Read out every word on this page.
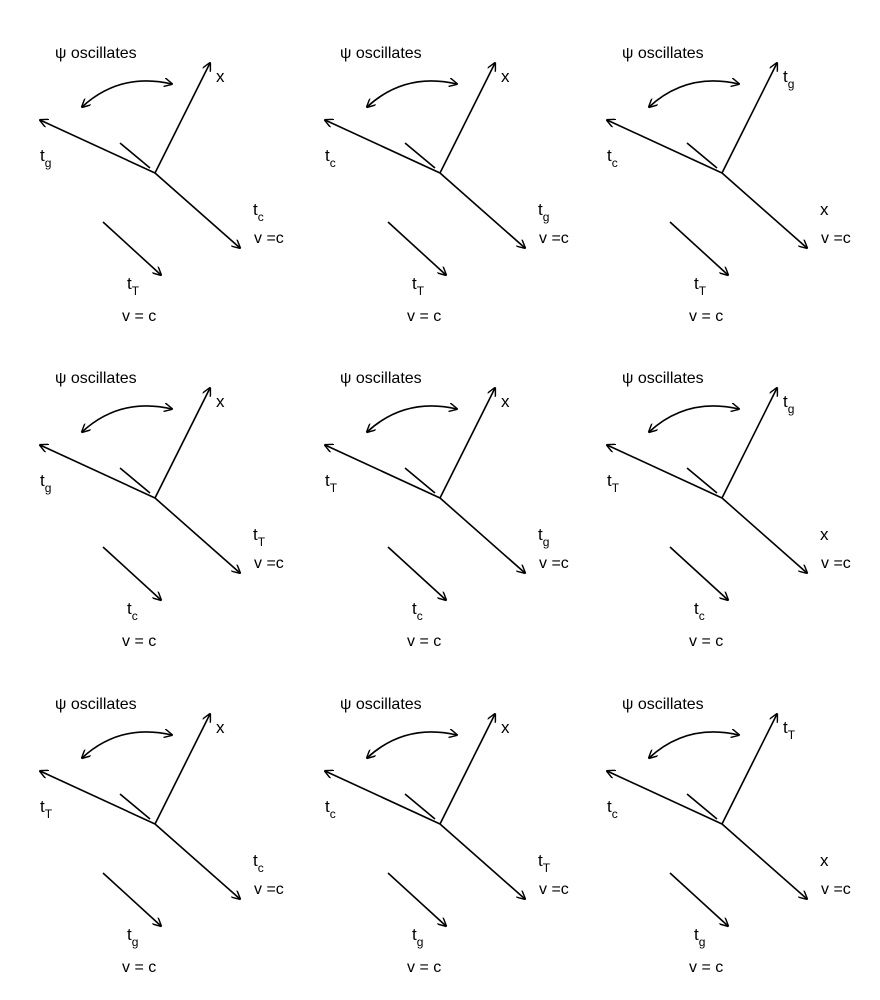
ψ oscillates
x
$t_g$
$t_c$
v =c
$t_T$
v = c
ψ oscillates
x
$t_c$
$t_g$
v =c
$t_T$
v = c
ψ oscillates
$t_g$
$t_c$
x
v =c
$t_T$
v = c
ψ oscillates
x
$t_g$
$t_T$
v =c
$t_c$
v = c
ψ oscillates
x
$t_T$
$t_g$
v =c
$t_c$
v = c
ψ oscillates
$t_g$
$t_T$
x
v =c
$t_c$
v = c
ψ oscillates
x
$t_T$
$t_c$
v =c
$t_g$
v = c
ψ oscillates
x
$t_c$
$t_T$
v =c
$t_g$
v = c
ψ oscillates
$t_T$
$t_c$
x
v =c
$t_g$
v = c
